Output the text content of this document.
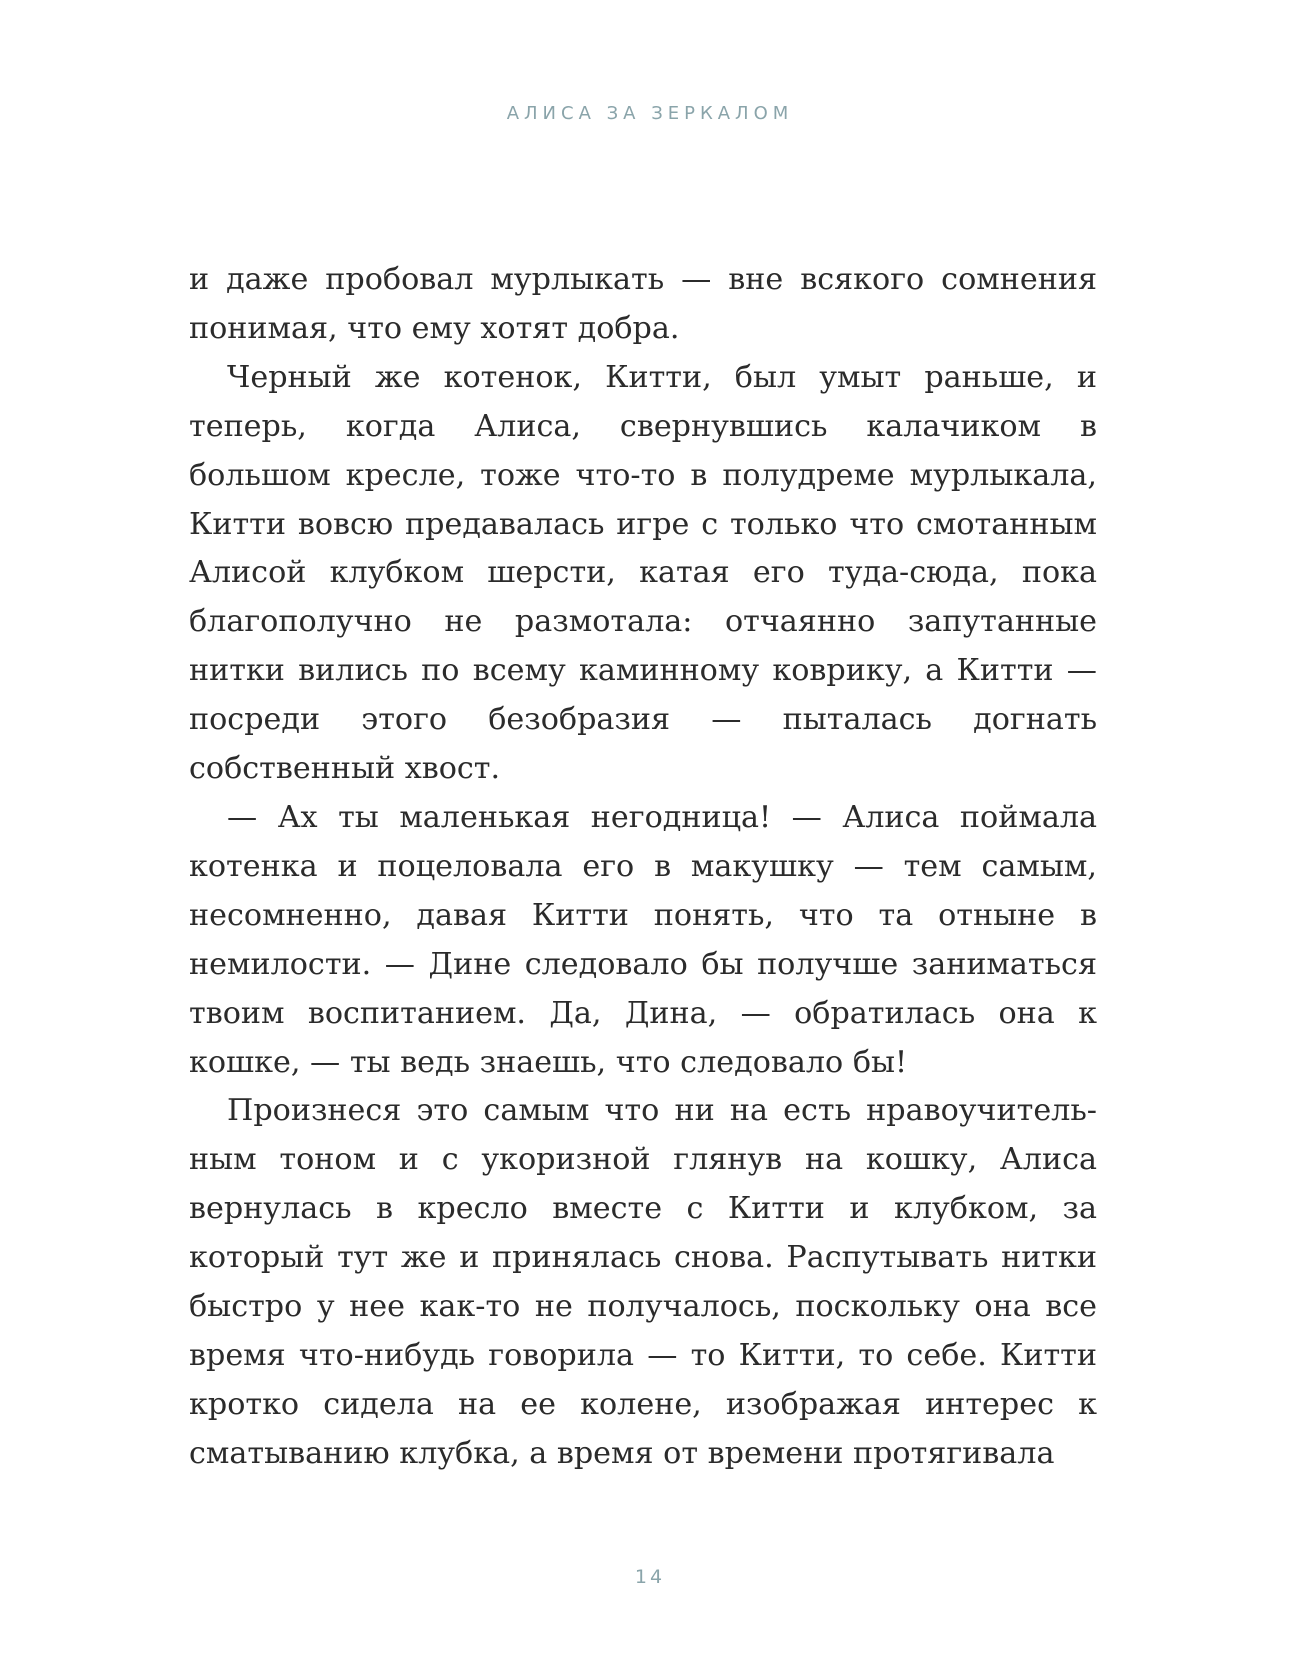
АЛИСА ЗА ЗЕРКАЛОМ

и даже пробовал мурлыкать — вне всякого сомнения понимая, что ему хотят добра.

Черный же котенок, Китти, был умыт раньше, и теперь, когда Алиса, свернувшись калачиком в большом кресле, тоже что-то в полудреме мурлыкала, Китти вовсю предавалась игре с только что смотанным Алисой клубком шерсти, катая его туда-сюда, пока благополучно не размотала: отчаянно запутанные нитки вились по всему каминному коврику, а Китти — посреди этого безобразия — пыталась догнать собственный хвост.

— Ах ты маленькая негодница! — Алиса поймала котенка и поцеловала его в макушку — тем самым, несомненно, давая Китти понять, что та отныне в немилости. — Дине следовало бы получше заниматься твоим воспитанием. Да, Дина, — обратилась она к кошке, — ты ведь знаешь, что следовало бы!

Произнеся это самым что ни на есть нравоучительным тоном и с укоризной глянув на кошку, Алиса вернулась в кресло вместе с Китти и клубком, за который тут же и принялась снова. Распутывать нитки быстро у нее как-то не получалось, поскольку она все время что-нибудь говорила — то Китти, то себе. Китти кротко сидела на ее колене, изображая интерес к сматыванию клубка, а время от времени протягивала

14
